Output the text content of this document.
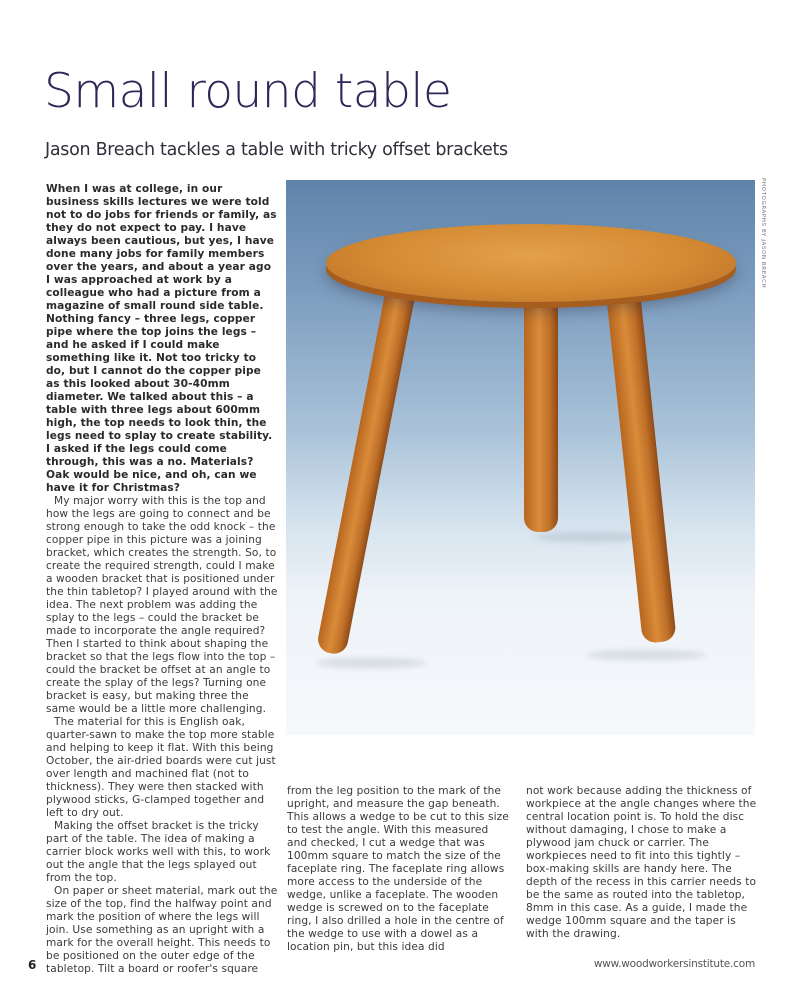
Small round table

Jason Breach tackles a table with tricky offset brackets

When I was at college, in our business skills lectures we were told not to do jobs for friends or family, as they do not expect to pay. I have always been cautious, but yes, I have done many jobs for family members over the years, and about a year ago I was approached at work by a colleague who had a picture from a magazine of small round side table. Nothing fancy – three legs, copper pipe where the top joins the legs – and he asked if I could make something like it. Not too tricky to do, but I cannot do the copper pipe as this looked about 30-40mm diameter. We talked about this – a table with three legs about 600mm high, the top needs to look thin, the legs need to splay to create stability. I asked if the legs could come through, this was a no. Materials? Oak would be nice, and oh, can we have it for Christmas?

My major worry with this is the top and how the legs are going to connect and be strong enough to take the odd knock – the copper pipe in this picture was a joining bracket, which creates the strength. So, to create the required strength, could I make a wooden bracket that is positioned under the thin tabletop? I played around with the idea. The next problem was adding the splay to the legs – could the bracket be made to incorporate the angle required? Then I started to think about shaping the bracket so that the legs flow into the top – could the bracket be offset at an angle to create the splay of the legs? Turning one bracket is easy, but making three the same would be a little more challenging.

The material for this is English oak, quarter-sawn to make the top more stable and helping to keep it flat. With this being October, the air-dried boards were cut just over length and machined flat (not to thickness). They were then stacked with plywood sticks, G-clamped together and left to dry out.

Making the offset bracket is the tricky part of the table. The idea of making a carrier block works well with this, to work out the angle that the legs splayed out from the top.

On paper or sheet material, mark out the size of the top, find the halfway point and mark the position of where the legs will join. Use something as an upright with a mark for the overall height. This needs to be positioned on the outer edge of the tabletop. Tilt a board or roofer's square

PHOTOGRAPHS BY JASON BREACH

from the leg position to the mark of the upright, and measure the gap beneath. This allows a wedge to be cut to this size to test the angle. With this measured and checked, I cut a wedge that was 100mm square to match the size of the faceplate ring. The faceplate ring allows more access to the underside of the wedge, unlike a faceplate. The wooden wedge is screwed on to the faceplate ring, I also drilled a hole in the centre of the wedge to use with a dowel as a location pin, but this idea did

not work because adding the thickness of workpiece at the angle changes where the central location point is. To hold the disc without damaging, I chose to make a plywood jam chuck or carrier. The workpieces need to fit into this tightly – box-making skills are handy here. The depth of the recess in this carrier needs to be the same as routed into the tabletop, 8mm in this case. As a guide, I made the wedge 100mm square and the taper is with the drawing.

6	www.woodworkersinstitute.com
